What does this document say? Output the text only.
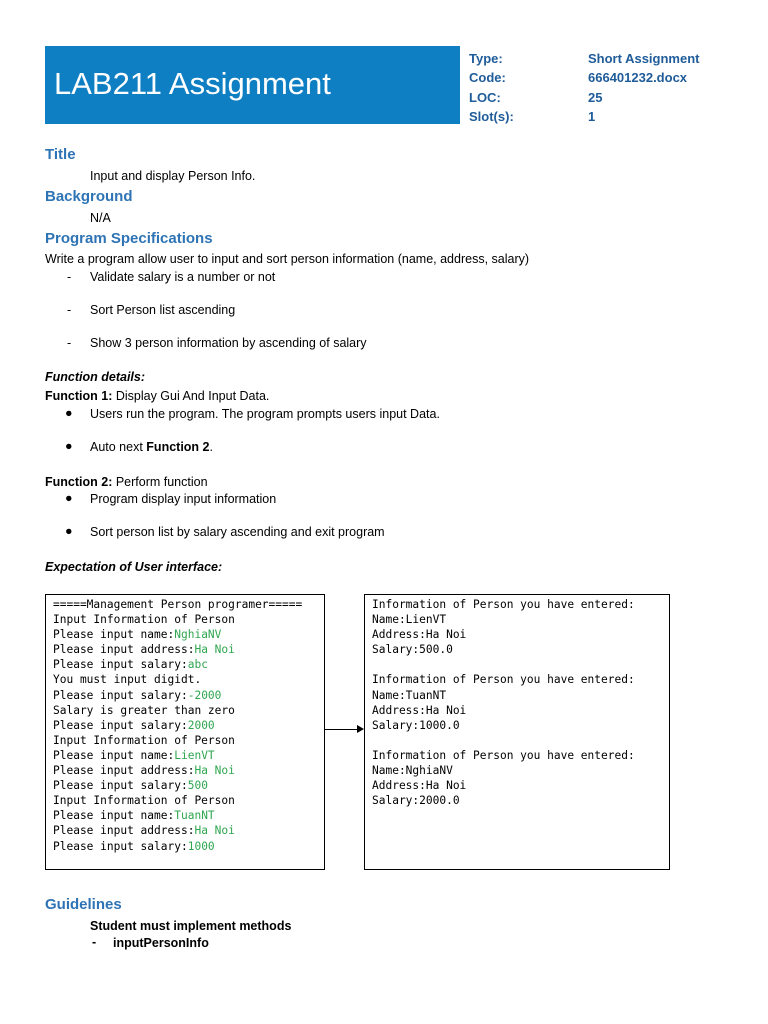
LAB211 Assignment
Type:
Code:
LOC:
Slot(s):
Short Assignment
666401232.docx
25
1
Title
Input and display Person Info.
Background
N/A
Program Specifications
Write a program allow user to input and sort person information (name, address, salary)
- Validate salary is a number or not
- Sort Person list ascending
- Show 3 person information by ascending of salary
Function details:
Function 1: Display Gui And Input Data.
● Users run the program. The program prompts users input Data.
● Auto next Function 2.
Function 2: Perform function
● Program display input information
● Sort person list by salary ascending and exit program
Expectation of User interface:
=====Management Person programer=====
Input Information of Person
Please input name:NghiaNV
Please input address:Ha Noi
Please input salary:abc
You must input digidt.
Please input salary:-2000
Salary is greater than zero
Please input salary:2000
Input Information of Person
Please input name:LienVT
Please input address:Ha Noi
Please input salary:500
Input Information of Person
Please input name:TuanNT
Please input address:Ha Noi
Please input salary:1000
Information of Person you have entered:
Name:LienVT
Address:Ha Noi
Salary:500.0
Information of Person you have entered:
Name:TuanNT
Address:Ha Noi
Salary:1000.0
Information of Person you have entered:
Name:NghiaNV
Address:Ha Noi
Salary:2000.0
Guidelines
Student must implement methods
- inputPersonInfo
